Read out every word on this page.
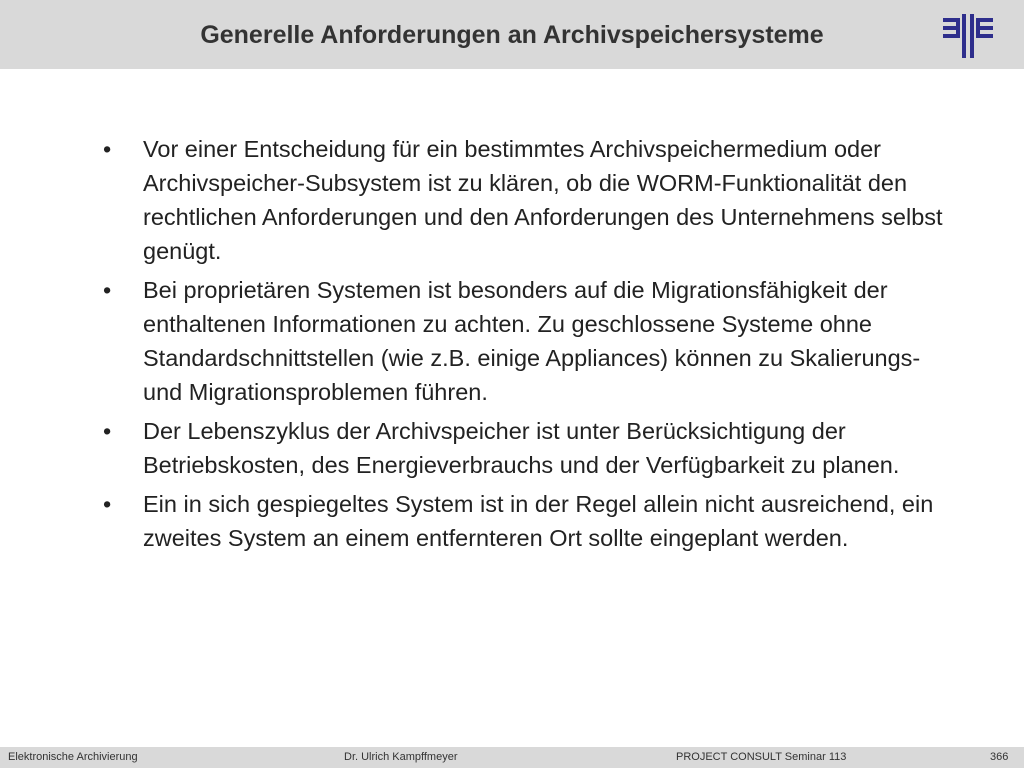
Generelle Anforderungen an Archivspeichersysteme
• Vor einer Entscheidung für ein bestimmtes Archivspeichermedium oder Archivspeicher-Subsystem ist zu klären, ob die WORM-Funktionalität den rechtlichen Anforderungen und den Anforderungen des Unternehmens selbst genügt.
• Bei proprietären Systemen ist besonders auf die Migrationsfähigkeit der enthaltenen Informationen zu achten. Zu geschlossene Systeme ohne Standardschnittstellen (wie z.B. einige Appliances) können zu Skalierungs- und Migrationsproblemen führen.
• Der Lebenszyklus der Archivspeicher ist unter Berücksichtigung der Betriebskosten, des Energieverbrauchs und der Verfügbarkeit zu planen.
• Ein in sich gespiegeltes System ist in der Regel allein nicht ausreichend, ein zweites System an einem entfernteren Ort sollte eingeplant werden.
Elektronische Archivierung	Dr. Ulrich Kampffmeyer	PROJECT CONSULT Seminar 113	366
